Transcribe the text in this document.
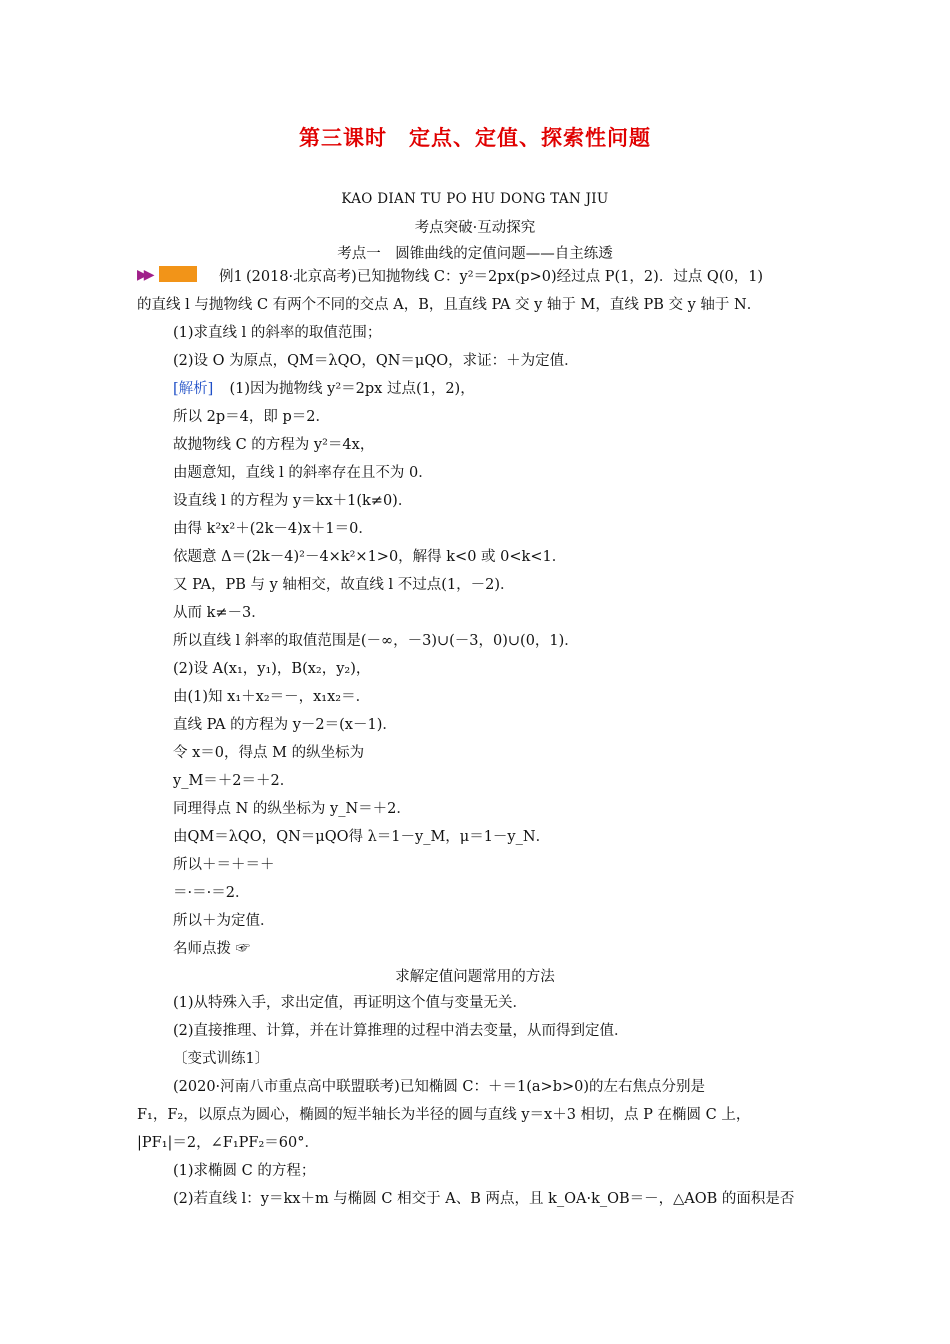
第三课时　定点、定值、探索性问题
KAO DIAN TU PO HU DONG TAN JIU
考点突破·互动探究
考点一　圆锥曲线的定值问题——自主练透
▶▶	例1 (2018·北京高考)已知抛物线 C：y²＝2px(p>0)经过点 P(1，2)．过点 Q(0，1)
的直线 l 与抛物线 C 有两个不同的交点 A，B，且直线 PA 交 y 轴于 M，直线 PB 交 y 轴于 N．
(1)求直线 l 的斜率的取值范围；
(2)设 O 为原点，QM＝λQO，QN＝μQO，求证：＋为定值．
[解析] 　(1)因为抛物线 y²＝2px 过点(1，2)，
所以 2p＝4，即 p＝2．
故抛物线 C 的方程为 y²＝4x，
由题意知，直线 l 的斜率存在且不为 0．
设直线 l 的方程为 y＝kx＋1(k≠0)．
由得 k²x²＋(2k－4)x＋1＝0．
依题意 Δ＝(2k－4)²－4×k²×1>0，解得 k<0 或 0<k<1．
又 PA，PB 与 y 轴相交，故直线 l 不过点(1，－2)．
从而 k≠－3．
所以直线 l 斜率的取值范围是(－∞，－3)∪(－3，0)∪(0，1)．
(2)设 A(x₁，y₁)，B(x₂，y₂)，
由(1)知 x₁＋x₂＝－，x₁x₂＝．
直线 PA 的方程为 y－2＝(x－1)．
令 x＝0，得点 M 的纵坐标为
y_M＝＋2＝＋2．
同理得点 N 的纵坐标为 y_N＝＋2．
由QM＝λQO，QN＝μQO得 λ＝1－y_M，μ＝1－y_N．
所以＋＝＋＝＋
＝·＝·＝2．
所以＋为定值．
名师点拨 ☞
求解定值问题常用的方法
(1)从特殊入手，求出定值，再证明这个值与变量无关．
(2)直接推理、计算，并在计算推理的过程中消去变量，从而得到定值．
〔变式训练1〕
(2020·河南八市重点高中联盟联考)已知椭圆 C：＋＝1(a>b>0)的左右焦点分别是
F₁，F₂，以原点为圆心，椭圆的短半轴长为半径的圆与直线 y＝x＋3 相切，点 P 在椭圆 C 上，
|PF₁|＝2，∠F₁PF₂＝60°．
(1)求椭圆 C 的方程；
(2)若直线 l：y＝kx＋m 与椭圆 C 相交于 A、B 两点，且 k_OA·k_OB＝－，△AOB 的面积是否
